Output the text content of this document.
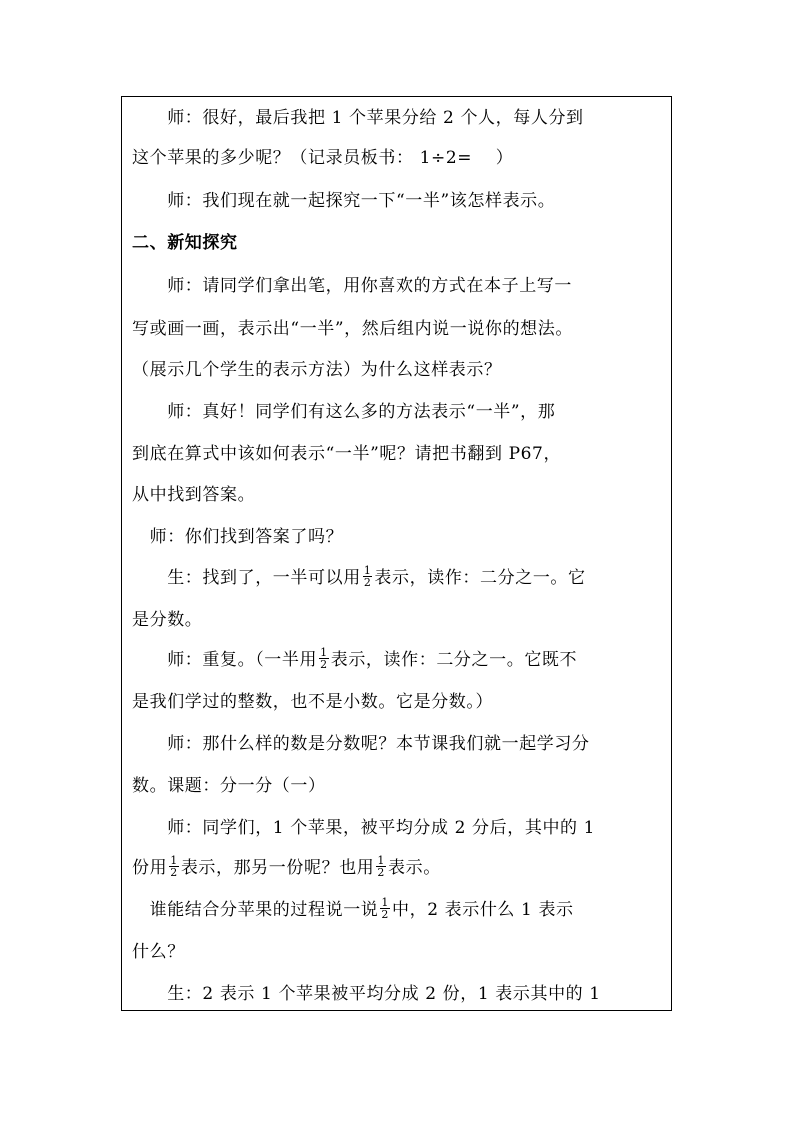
　　师：很好，最后我把 1 个苹果分给 2 个人，每人分到
这个苹果的多少呢？（记录员板书： 1÷2=　 ）
　　师：我们现在就一起探究一下“一半”该怎样表示。
二、新知探究
　　师：请同学们拿出笔，用你喜欢的方式在本子上写一
写或画一画，表示出“一半”，然后组内说一说你的想法。
（展示几个学生的表示方法）为什么这样表示？
　　师：真好！同学们有这么多的方法表示“一半”，那
到底在算式中该如何表示“一半”呢？请把书翻到 P67，
从中找到答案。
　师：你们找到答案了吗？
　　生：找到了，一半可以用 $\frac{1}{2}$ 表示，读作：二分之一。它
是分数。
　　师：重复。（一半用 $\frac{1}{2}$ 表示，读作：二分之一。它既不
是我们学过的整数，也不是小数。它是分数。）
　　师：那什么样的数是分数呢？本节课我们就一起学习分
数。课题：分一分（一）
　　师：同学们，1 个苹果，被平均分成 2 分后，其中的 1
份用 $\frac{1}{2}$ 表示，那另一份呢？也用 $\frac{1}{2}$ 表示。
　谁能结合分苹果的过程说一说 $\frac{1}{2}$ 中，2 表示什么 1 表示
什么？
　　生：2 表示 1 个苹果被平均分成 2 份，1 表示其中的 1
